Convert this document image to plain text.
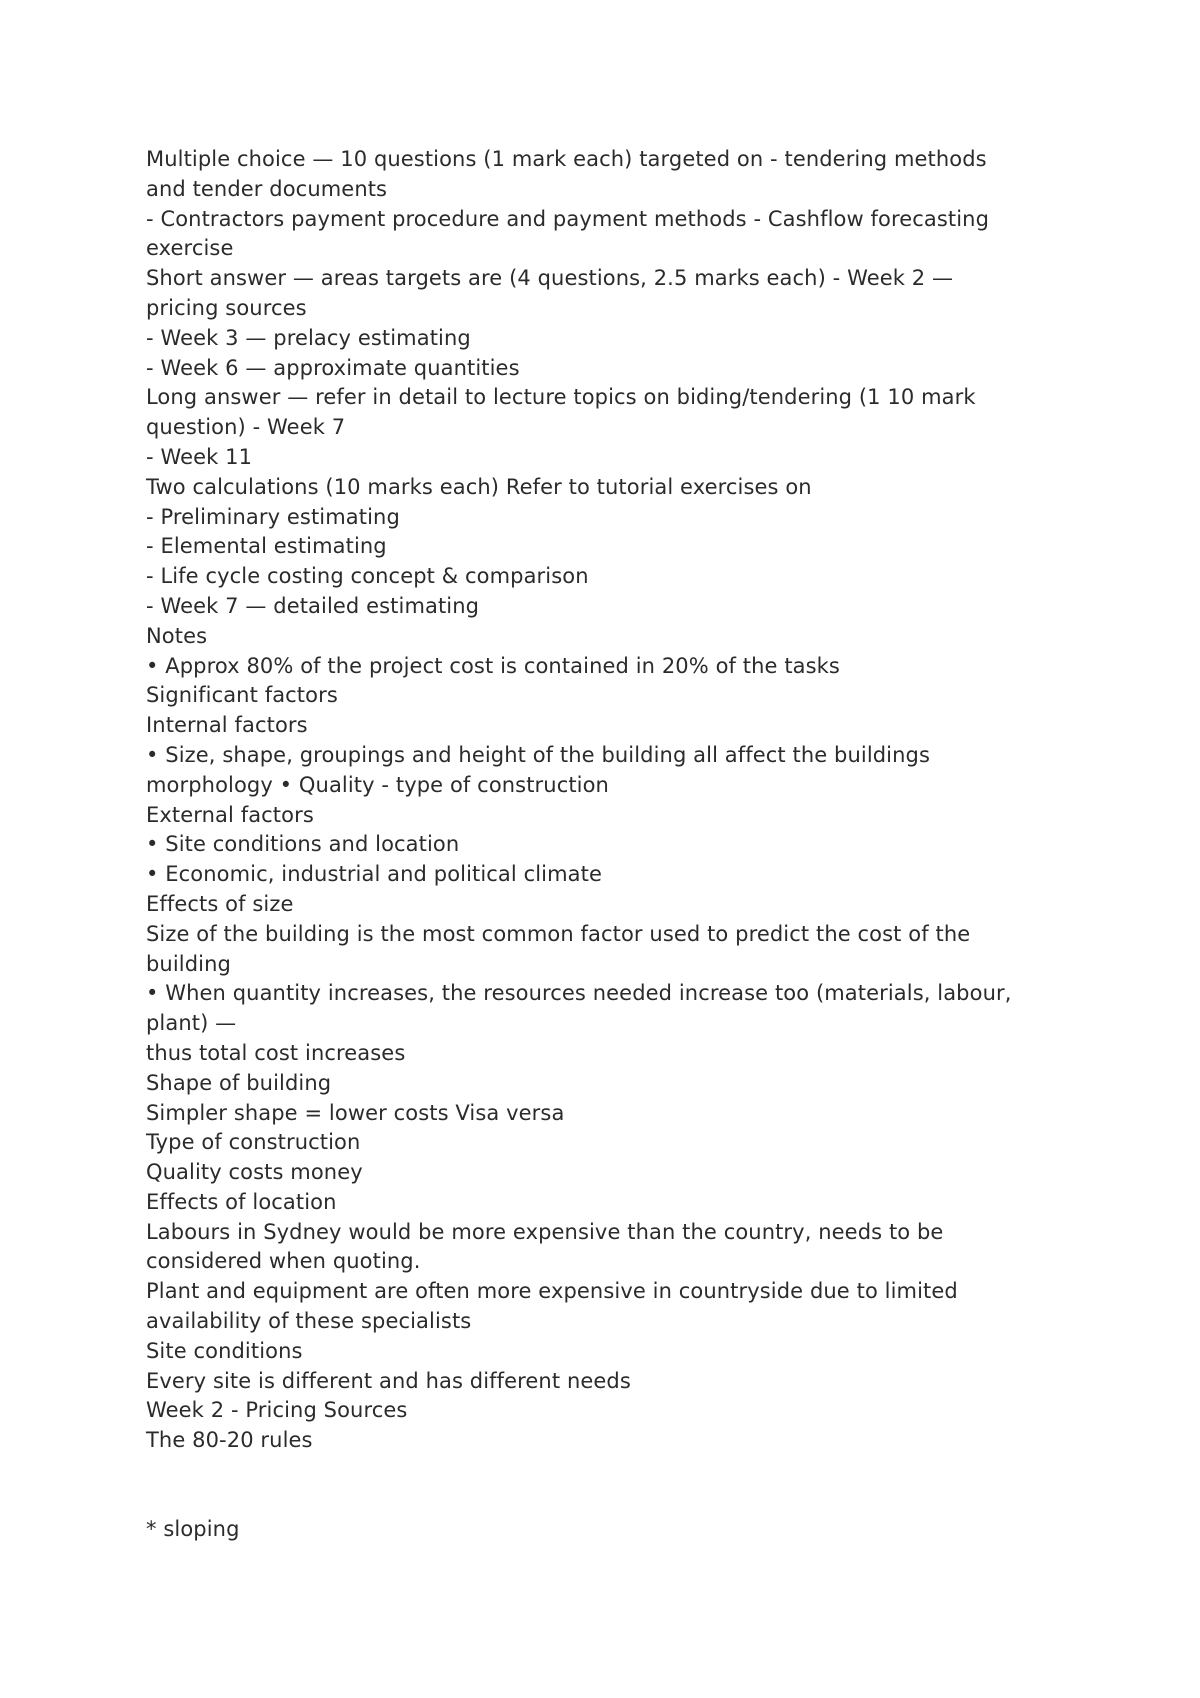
Multiple choice — 10 questions (1 mark each) targeted on - tendering methods
and tender documents
- Contractors payment procedure and payment methods - Cashflow forecasting
exercise
Short answer — areas targets are (4 questions, 2.5 marks each) - Week 2 —
pricing sources
- Week 3 — prelacy estimating
- Week 6 — approximate quantities
Long answer — refer in detail to lecture topics on biding/tendering (1 10 mark
question) - Week 7
- Week 11
Two calculations (10 marks each) Refer to tutorial exercises on
- Preliminary estimating
- Elemental estimating
- Life cycle costing concept & comparison
- Week 7 — detailed estimating
Notes
• Approx 80% of the project cost is contained in 20% of the tasks
Significant factors
Internal factors
• Size, shape, groupings and height of the building all affect the buildings
morphology • Quality - type of construction
External factors
• Site conditions and location
• Economic, industrial and political climate
Effects of size
Size of the building is the most common factor used to predict the cost of the
building
• When quantity increases, the resources needed increase too (materials, labour,
plant) —
thus total cost increases
Shape of building
Simpler shape = lower costs Visa versa
Type of construction
Quality costs money
Effects of location
Labours in Sydney would be more expensive than the country, needs to be
considered when quoting.
Plant and equipment are often more expensive in countryside due to limited
availability of these specialists
Site conditions
Every site is different and has different needs
Week 2 - Pricing Sources
The 80-20 rules
* sloping
